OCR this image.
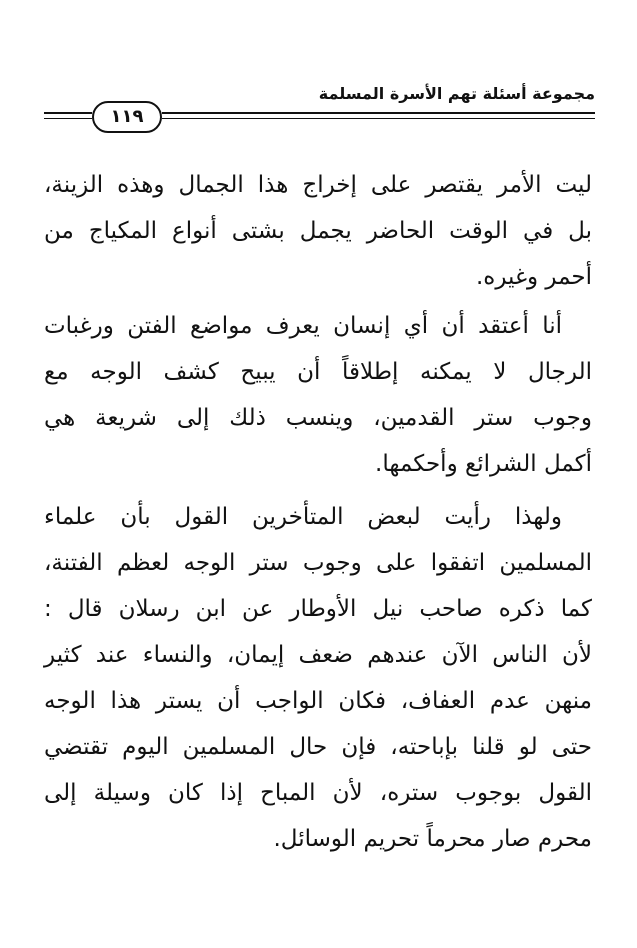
مجموعة أسئلة تهم الأسرة المسلمة
١١٩
ليت الأمر يقتصر على إخراج هذا الجمال وهذه الزينة،
بل في الوقت الحاضر يجمل بشتى أنواع المكياج من
أحمر وغيره.
أنا أعتقد أن أي إنسان يعرف مواضع الفتن ورغبات
الرجال لا يمكنه إطلاقاً أن يبيح كشف الوجه مع
وجوب ستر القدمين، وينسب ذلك إلى شريعة هي
أكمل الشرائع وأحكمها.
ولهذا رأيت لبعض المتأخرين القول بأن علماء
المسلمين اتفقوا على وجوب ستر الوجه لعظم الفتنة،
كما ذكره صاحب نيل الأوطار عن ابن رسلان قال :
لأن الناس الآن عندهم ضعف إيمان، والنساء عند كثير
منهن عدم العفاف، فكان الواجب أن يستر هذا الوجه
حتى لو قلنا بإباحته، فإن حال المسلمين اليوم تقتضي
القول بوجوب ستره، لأن المباح إذا كان وسيلة إلى
محرم صار محرماً تحريم الوسائل.
